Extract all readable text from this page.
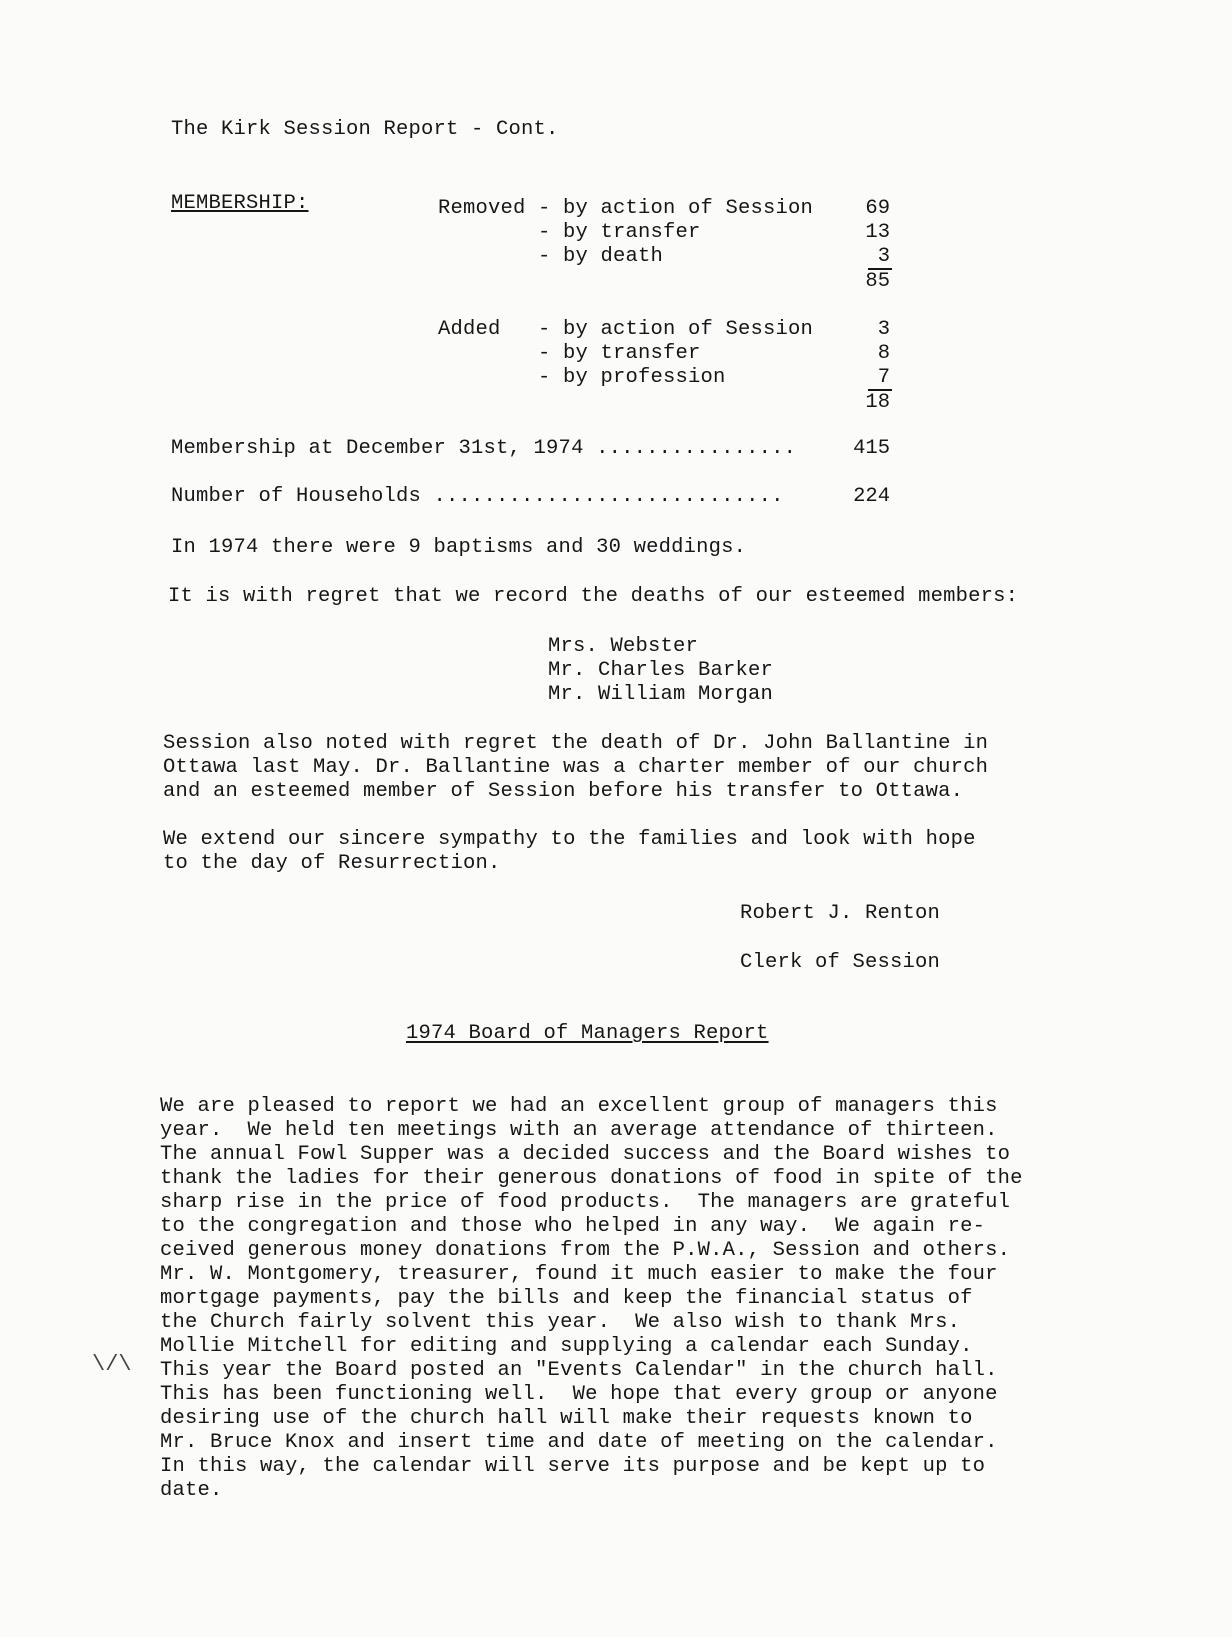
The Kirk Session Report - Cont.
MEMBERSHIP:	Removed - by action of Session	69
- by transfer	13
- by death	3
85
Added - by action of Session	3
- by transfer	8
- by profession	7
18
Membership at December 31st, 1974 ................	415
Number of Households ............................	224
In 1974 there were 9 baptisms and 30 weddings.
It is with regret that we record the deaths of our esteemed members:
Mrs. Webster
Mr. Charles Barker
Mr. William Morgan
Session also noted with regret the death of Dr. John Ballantine in
Ottawa last May. Dr. Ballantine was a charter member of our church
and an esteemed member of Session before his transfer to Ottawa.
We extend our sincere sympathy to the families and look with hope
to the day of Resurrection.
Robert J. Renton
Clerk of Session
1974 Board of Managers Report
We are pleased to report we had an excellent group of managers this
year.  We held ten meetings with an average attendance of thirteen.
The annual Fowl Supper was a decided success and the Board wishes to
thank the ladies for their generous donations of food in spite of the
sharp rise in the price of food products.  The managers are grateful
to the congregation and those who helped in any way.  We again re-
ceived generous money donations from the P.W.A., Session and others.
Mr. W. Montgomery, treasurer, found it much easier to make the four
mortgage payments, pay the bills and keep the financial status of
the Church fairly solvent this year.  We also wish to thank Mrs.
Mollie Mitchell for editing and supplying a calendar each Sunday.
This year the Board posted an "Events Calendar" in the church hall.
This has been functioning well.  We hope that every group or anyone
desiring use of the church hall will make their requests known to
Mr. Bruce Knox and insert time and date of meeting on the calendar.
In this way, the calendar will serve its purpose and be kept up to
date.
\/\
